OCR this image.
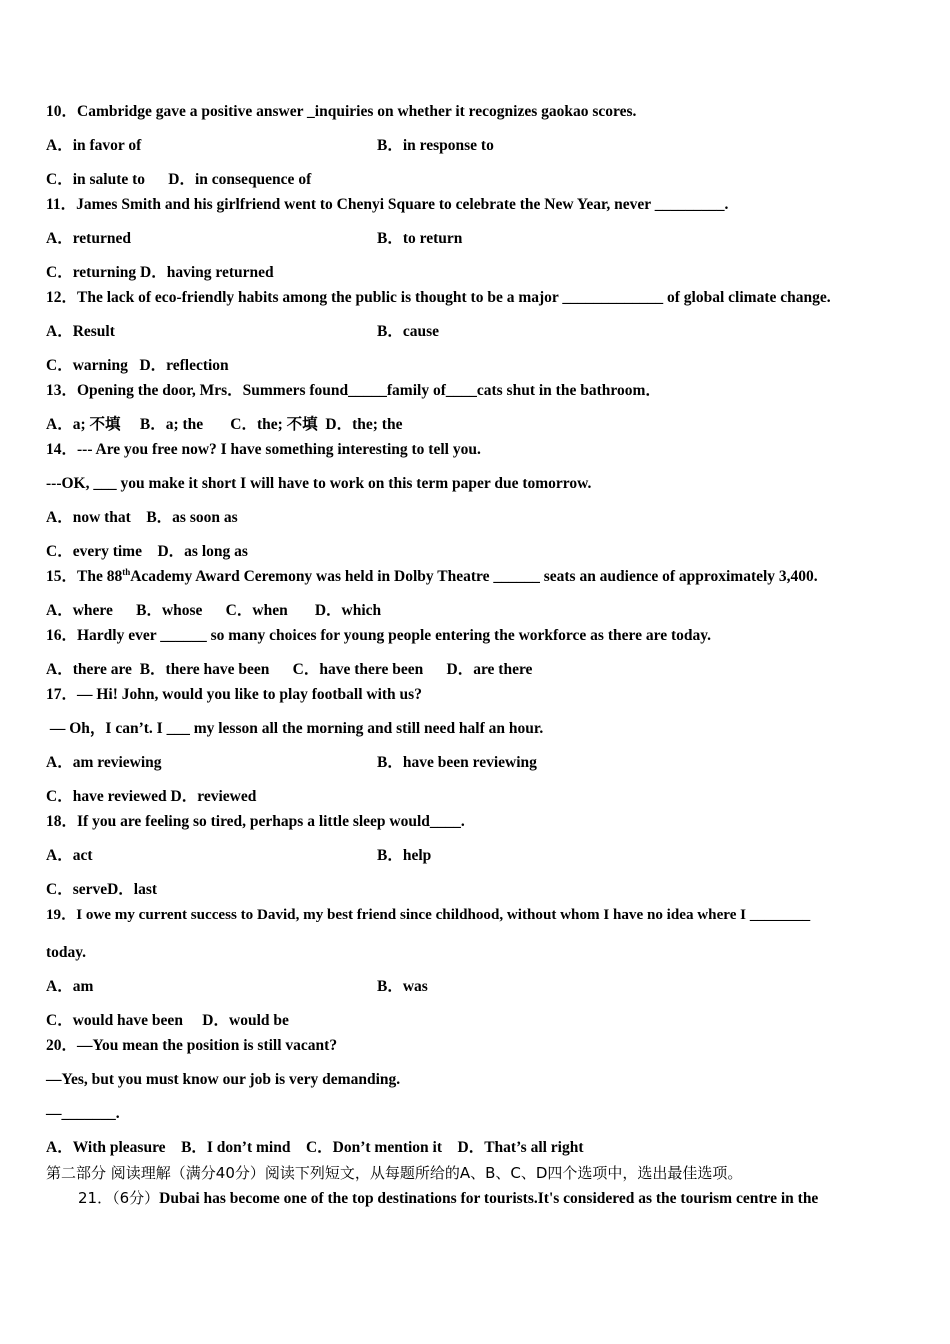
10．Cambridge gave a positive answer _inquiries on whether it recognizes gaokao scores.
A．in favor of	B．in response to
C．in salute to      D．in consequence of
11．James Smith and his girlfriend went to Chenyi Square to celebrate the New Year, never _________.
A．returned	B．to return
C．returning D．having returned
12．The lack of eco-friendly habits among the public is thought to be a major _____________ of global climate change.
A．Result	B．cause
C．warning   D．reflection
13．Opening the door, Mrs．Summers found_____family of____cats shut in the bathroom．
A．a; 不填     B．a; the       C．the; 不填  D．the; the
14．--- Are you free now? I have something interesting to tell you.
---OK, ___ you make it short I will have to work on this term paper due tomorrow.
A．now that    B．as soon as
C．every time    D．as long as
15．The 88thAcademy Award Ceremony was held in Dolby Theatre ______ seats an audience of approximately 3,400.
A．where      B．whose      C．when       D．which
16．Hardly ever ______ so many choices for young people entering the workforce as there are today.
A．there are  B．there have been      C．have there been      D．are there
17．— Hi! John, would you like to play football with us?
— Oh，I can’t. I ___ my lesson all the morning and still need half an hour.
A．am reviewing	B．have been reviewing
C．have reviewed D．reviewed
18．If you are feeling so tired, perhaps a little sleep would____.
A．act	B．help
C．serveD．last
19．I owe my current success to David, my best friend since childhood, without whom I have no idea where I ________
today.
A．am	B．was
C．would have been     D．would be
20．—You mean the position is still vacant?
—Yes, but you must know our job is very demanding.
—_______.
A．With pleasure    B．I don’t mind    C．Don’t mention it    D．That’s all right
第二部分 阅读理解（满分40分）阅读下列短文，从每题所给的A、B、C、D四个选项中，选出最佳选项。
21．（6分）Dubai has become one of the top destinations for tourists.It's considered as the tourism centre in the
